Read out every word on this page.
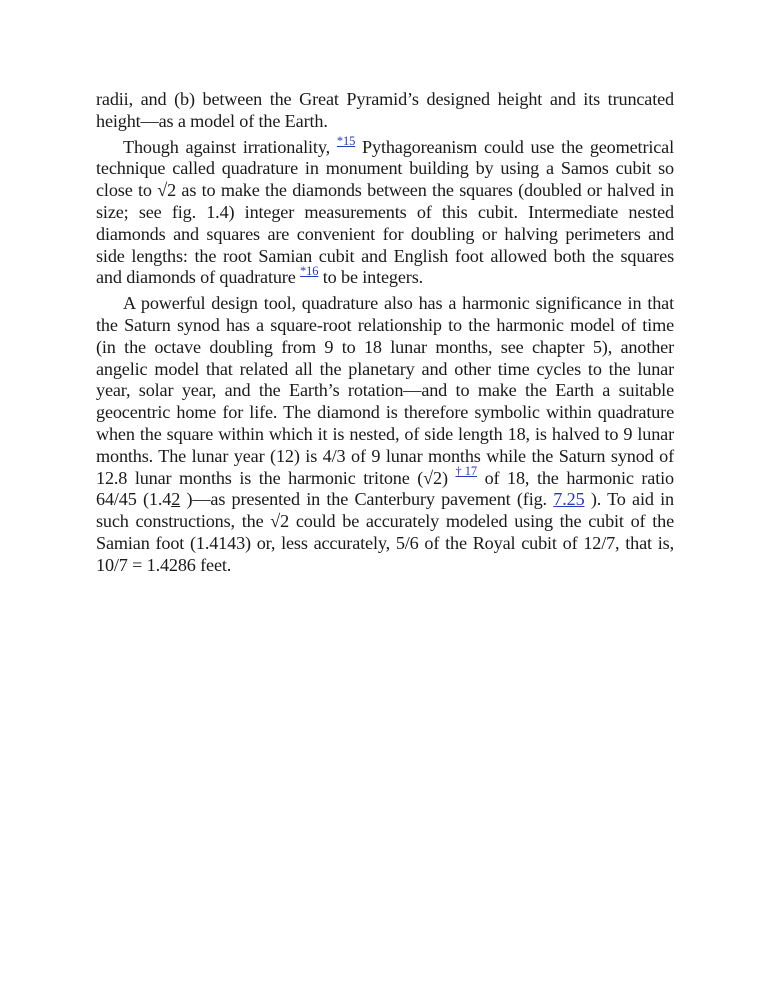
radii, and (b) between the Great Pyramid’s designed height and its truncated height—as a model of the Earth.

Though against irrationality, $^{*15}$ Pythagoreanism could use the geometrical technique called quadrature in monument building by using a Samos cubit so close to √2 as to make the diamonds between the squares (doubled or halved in size; see fig. 1.4) integer measurements of this cubit. Intermediate nested diamonds and squares are convenient for doubling or halving perimeters and side lengths: the root Samian cubit and English foot allowed both the squares and diamonds of quadrature $^{*16}$ to be integers.

A powerful design tool, quadrature also has a harmonic significance in that the Saturn synod has a square-root relationship to the harmonic model of time (in the octave doubling from 9 to 18 lunar months, see chapter 5), another angelic model that related all the planetary and other time cycles to the lunar year, solar year, and the Earth’s rotation—and to make the Earth a suitable geocentric home for life. The diamond is therefore symbolic within quadrature when the square within which it is nested, of side length 18, is halved to 9 lunar months. The lunar year (12) is 4/3 of 9 lunar months while the Saturn synod of 12.8 lunar months is the harmonic tritone (√2) $^{\dagger 17}$ of 18, the harmonic ratio 64/45 (1.42 )—as presented in the Canterbury pavement (fig. 7.25 ). To aid in such constructions, the √2 could be accurately modeled using the cubit of the Samian foot (1.4143) or, less accurately, 5/6 of the Royal cubit of 12/7, that is, 10/7 = 1.4286 feet.
